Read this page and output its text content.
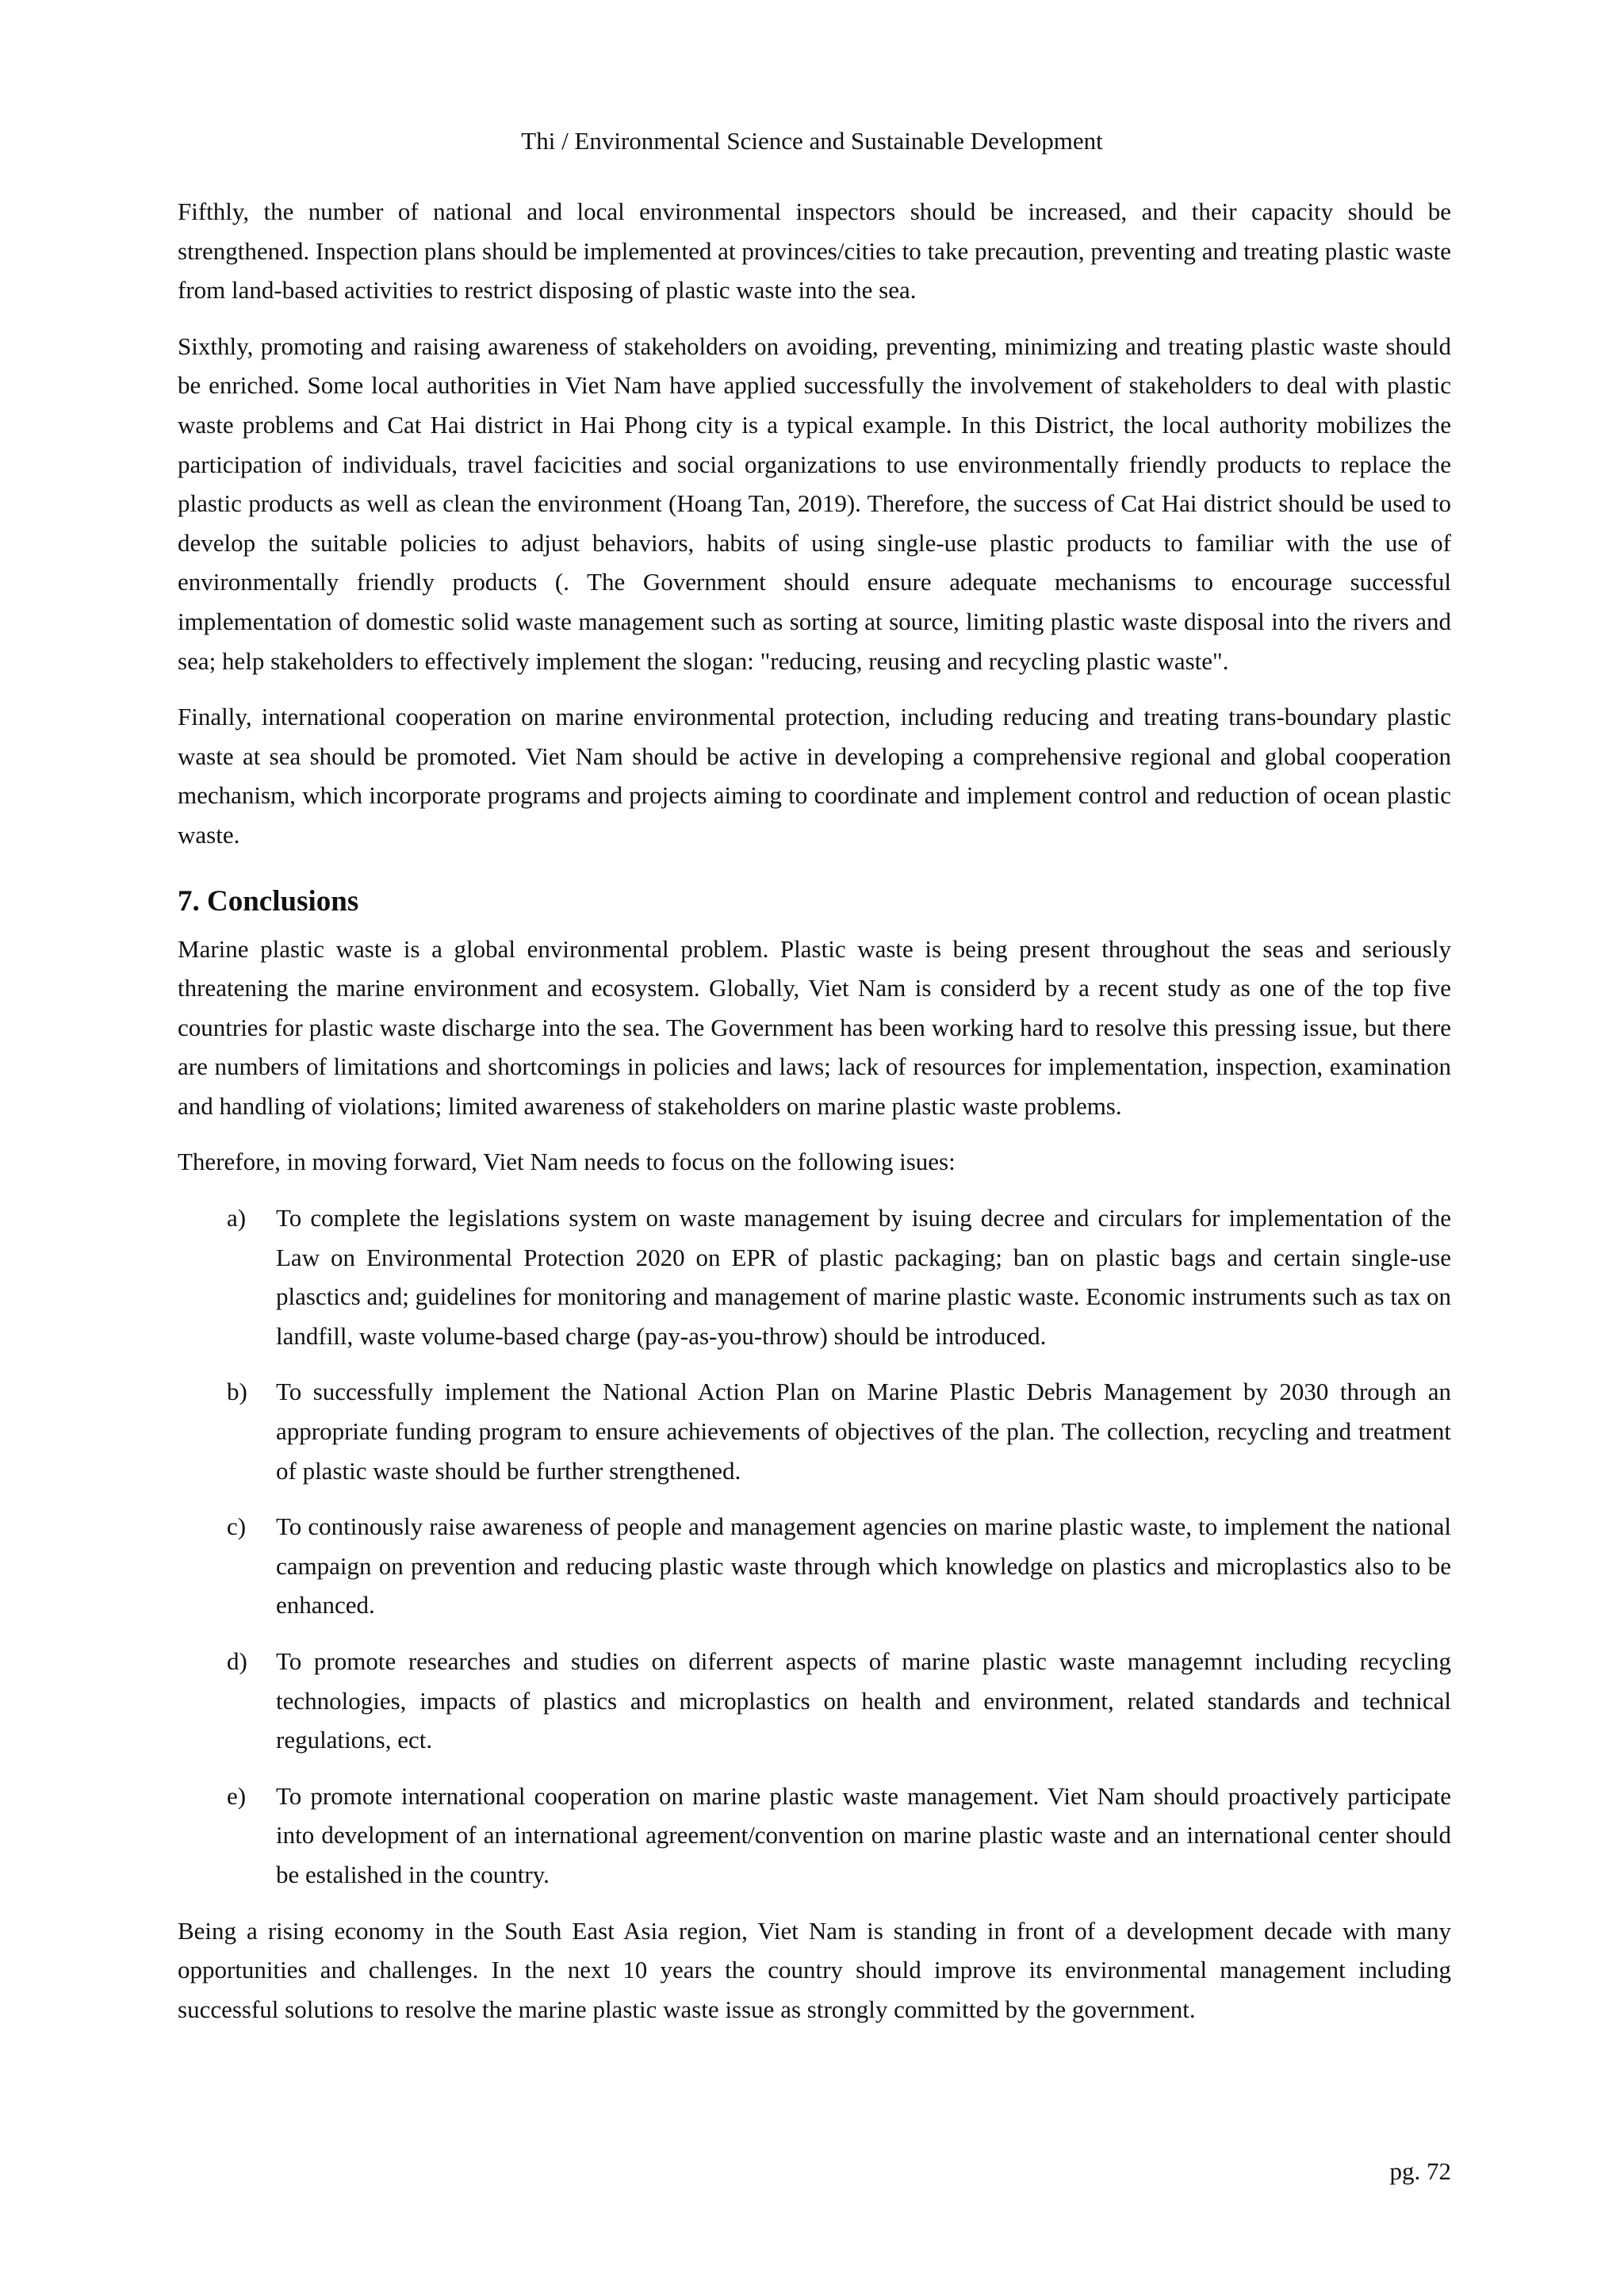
Thi / Environmental Science and Sustainable Development

Fifthly, the number of national and local environmental inspectors should be increased, and their capacity should be strengthened. Inspection plans should be implemented at provinces/cities to take precaution, preventing and treating plastic waste from land-based activities to restrict disposing of plastic waste into the sea.

Sixthly, promoting and raising awareness of stakeholders on avoiding, preventing, minimizing and treating plastic waste should be enriched. Some local authorities in Viet Nam have applied successfully the involvement of stakeholders to deal with plastic waste problems and Cat Hai district in Hai Phong city is a typical example. In this District, the local authority mobilizes the participation of individuals, travel facicities and social organizations to use environmentally friendly products to replace the plastic products as well as clean the environment (Hoang Tan, 2019). Therefore, the success of Cat Hai district should be used to develop the suitable policies to adjust behaviors, habits of using single-use plastic products to familiar with the use of environmentally friendly products (. The Government should ensure adequate mechanisms to encourage successful implementation of domestic solid waste management such as sorting at source, limiting plastic waste disposal into the rivers and sea; help stakeholders to effectively implement the slogan: "reducing, reusing and recycling plastic waste".

Finally, international cooperation on marine environmental protection, including reducing and treating trans-boundary plastic waste at sea should be promoted. Viet Nam should be active in developing a comprehensive regional and global cooperation mechanism, which incorporate programs and projects aiming to coordinate and implement control and reduction of ocean plastic waste.

7. Conclusions

Marine plastic waste is a global environmental problem. Plastic waste is being present throughout the seas and seriously threatening the marine environment and ecosystem. Globally, Viet Nam is considerd by a recent study as one of the top five countries for plastic waste discharge into the sea. The Government has been working hard to resolve this pressing issue, but there are numbers of limitations and shortcomings in policies and laws; lack of resources for implementation, inspection, examination and handling of violations; limited awareness of stakeholders on marine plastic waste problems.

Therefore, in moving forward, Viet Nam needs to focus on the following isues:

a) To complete the legislations system on waste management by isuing decree and circulars for implementation of the Law on Environmental Protection 2020 on EPR of plastic packaging; ban on plastic bags and certain single-use plasctics and; guidelines for monitoring and management of marine plastic waste. Economic instruments such as tax on landfill, waste volume-based charge (pay-as-you-throw) should be introduced.
b) To successfully implement the National Action Plan on Marine Plastic Debris Management by 2030 through an appropriate funding program to ensure achievements of objectives of the plan. The collection, recycling and treatment of plastic waste should be further strengthened.
c) To continously raise awareness of people and management agencies on marine plastic waste, to implement the national campaign on prevention and reducing plastic waste through which knowledge on plastics and microplastics also to be enhanced.
d) To promote researches and studies on diferrent aspects of marine plastic waste managemnt including recycling technologies, impacts of plastics and microplastics on health and environment, related standards and technical regulations, ect.
e) To promote international cooperation on marine plastic waste management. Viet Nam should proactively participate into development of an international agreement/convention on marine plastic waste and an international center should be estalished in the country.

Being a rising economy in the South East Asia region, Viet Nam is standing in front of a development decade with many opportunities and challenges. In the next 10 years the country should improve its environmental management including successful solutions to resolve the marine plastic waste issue as strongly committed by the government.

pg. 72
